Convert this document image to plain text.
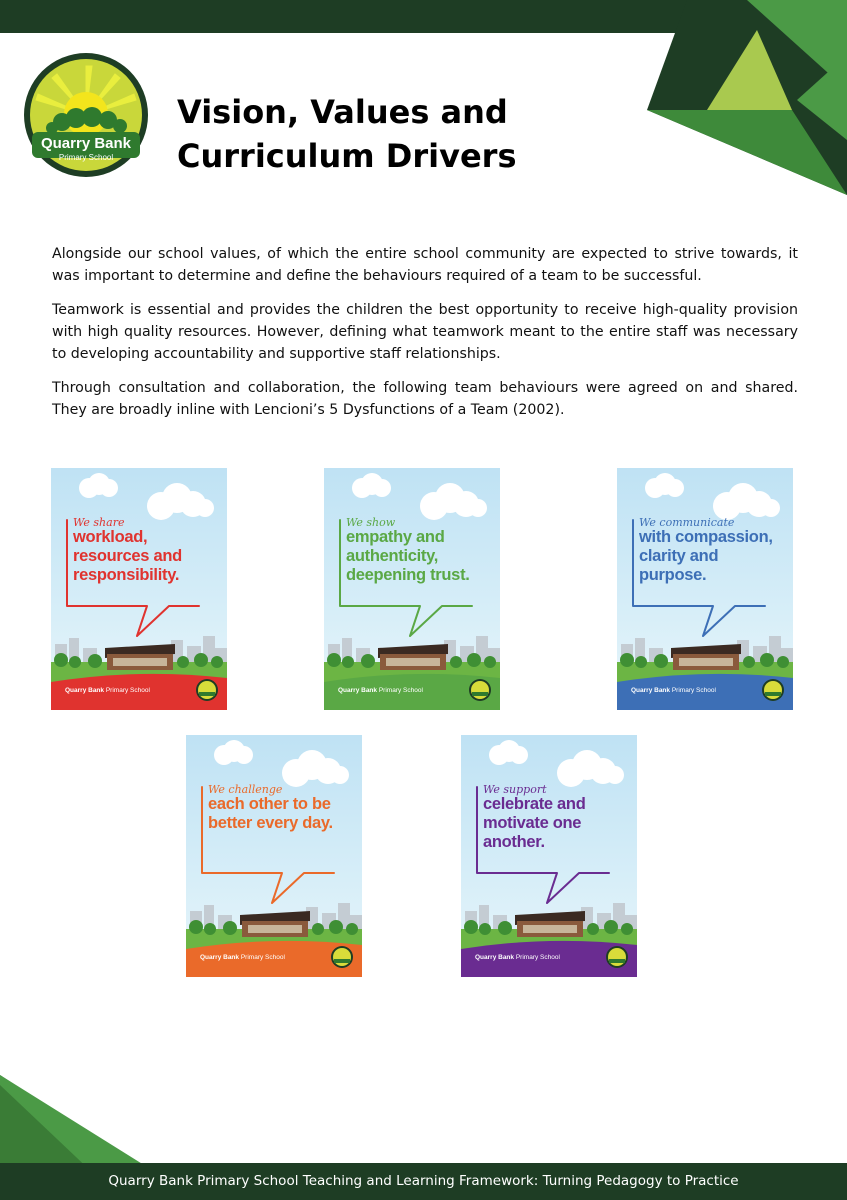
Quarry Bank
Primary School
Vision, Values and
Curriculum Drivers

Alongside our school values, of which the entire school community are expected to strive towards, it was important to determine and define the behaviours required of a team to be successful.

Teamwork is essential and provides the children the best opportunity to receive high-quality provision with high quality resources. However, defining what teamwork meant to the entire staff was necessary to developing accountability and supportive staff relationships.

Through consultation and collaboration, the following team behaviours were agreed on and shared. They are broadly inline with Lencioni’s 5 Dysfunctions of a Team (2002).

We share
workload, resources and responsibility.
Quarry Bank Primary School
We show
empathy and authenticity, deepening trust.
Quarry Bank Primary School
We communicate
with compassion, clarity and purpose.
Quarry Bank Primary School
We challenge
each other to be better every day.
Quarry Bank Primary School
We support
celebrate and motivate one another.
Quarry Bank Primary School
Quarry Bank Primary School Teaching and Learning Framework: Turning Pedagogy to Practice
